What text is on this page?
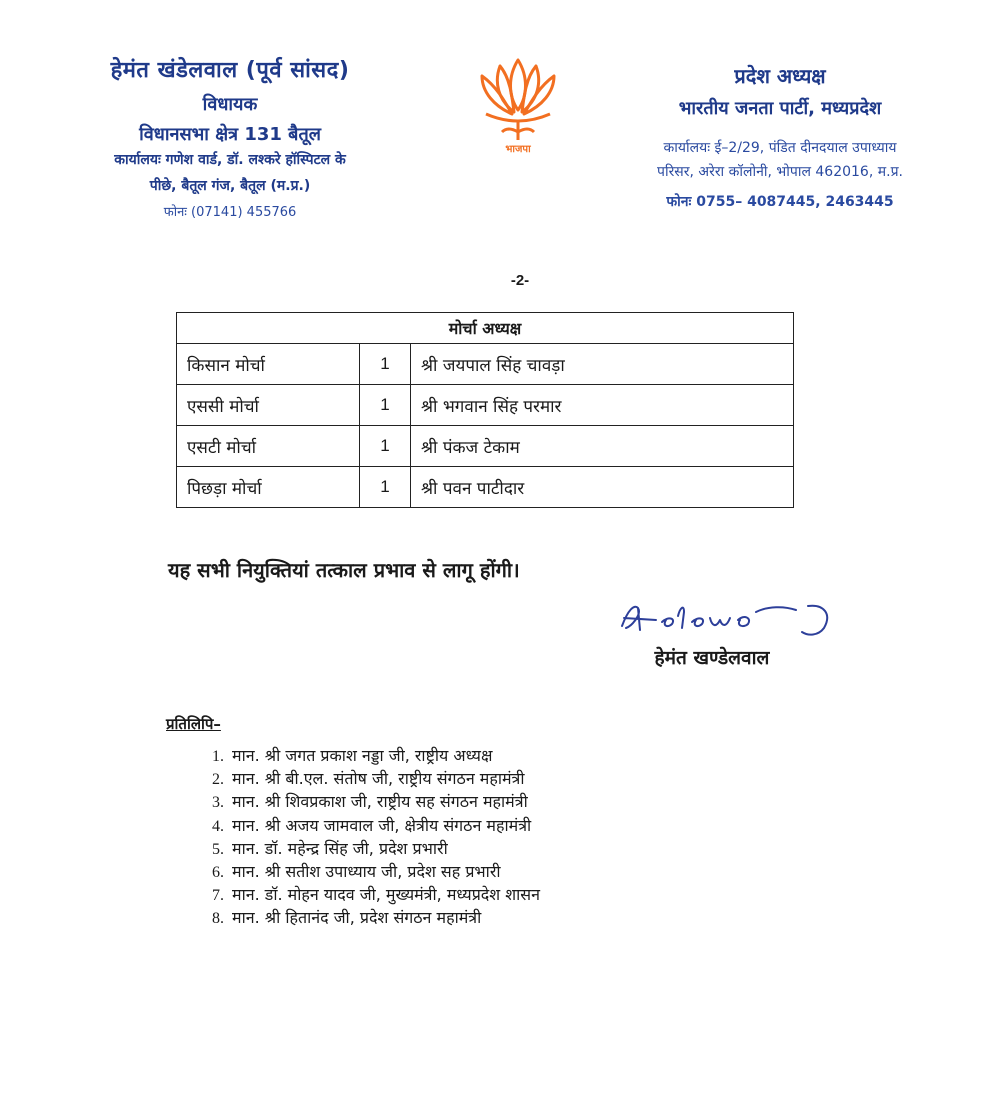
हेमंत खंडेलवाल (पूर्व सांसद)
विधायक
विधानसभा क्षेत्र 131 बैतूल
कार्यालयः गणेश वार्ड, डॉ. लश्करे हॉस्पिटल के
पीछे, बैतूल गंज, बैतूल (म.प्र.)
फोनः (07141) 455766
भाजपा
प्रदेश अध्यक्ष
भारतीय जनता पार्टी, मध्यप्रदेश
कार्यालयः ई–2/29, पंडित दीनदयाल उपाध्याय
परिसर, अरेरा कॉलोनी, भोपाल 462016, म.प्र.
फोनः 0755– 4087445, 2463445
-2-
मोर्चा अध्यक्ष		
किसान मोर्चा	1	श्री जयपाल सिंह चावड़ा
एससी मोर्चा	1	श्री भगवान सिंह परमार
एसटी मोर्चा	1	श्री पंकज टेकाम
पिछड़ा मोर्चा	1	श्री पवन पाटीदार
यह सभी नियुक्तियां तत्काल प्रभाव से लागू होंगी।
हेमंत खण्डेलवाल
प्रतिलिपि–
1. मान. श्री जगत प्रकाश नड्डा जी, राष्ट्रीय अध्यक्ष
2. मान. श्री बी.एल. संतोष जी, राष्ट्रीय संगठन महामंत्री
3. मान. श्री शिवप्रकाश जी, राष्ट्रीय सह संगठन महामंत्री
4. मान. श्री अजय जामवाल जी, क्षेत्रीय संगठन महामंत्री
5. मान. डॉ. महेन्द्र सिंह जी, प्रदेश प्रभारी
6. मान. श्री सतीश उपाध्याय जी, प्रदेश सह प्रभारी
7. मान. डॉ. मोहन यादव जी, मुख्यमंत्री, मध्यप्रदेश शासन
8. मान. श्री हितानंद जी, प्रदेश संगठन महामंत्री
